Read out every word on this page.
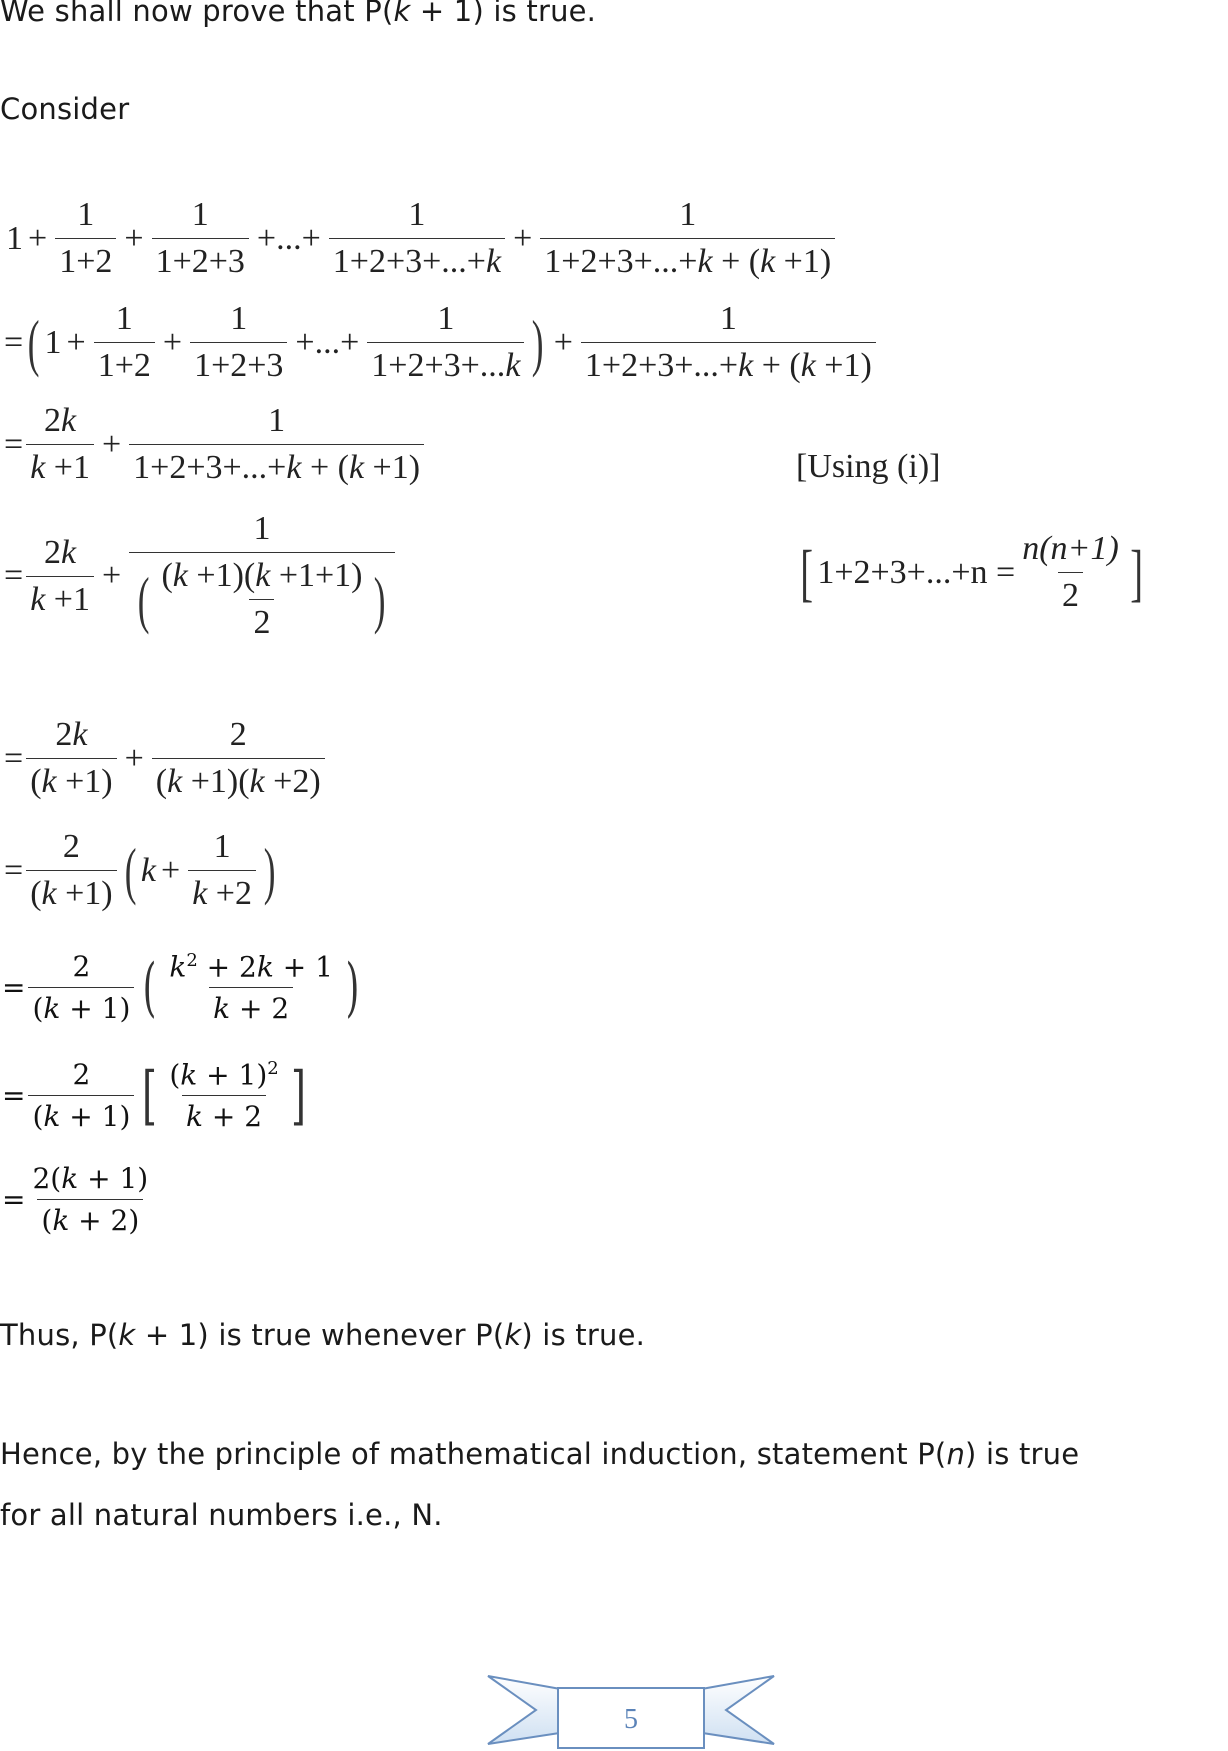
We shall now prove that P(k + 1) is true.
Consider
$1 + \frac{1}{1+2} + \frac{1}{1+2+3}$ +...+ $\frac{1}{1+2+3+...+k} + \frac{1}{1+2+3+...+k + (k +1)}$
= ( $1 + \frac{1}{1+2} + \frac{1}{1+2+3}$ +...+ $\frac{1}{1+2+3+...k}$ ) + $\frac{1}{1+2+3+...+k + (k +1)}$
= $\frac{2k}{k +1} + \frac{1}{1+2+3+...+k + (k +1)}$	[Using (i)]
= $\frac{2k}{k +1} + \frac{1}{( \frac{(k +1)(k +1+1)}{2} )}$	[ $1+2+3+...+n = \frac{n(n+1)}{2}$ ]
= $\frac{2k}{(k +1)} + \frac{2}{(k +1)(k +2)}$
= $\frac{2}{(k +1)}$ ( $k + \frac{1}{k +2}$ )
= $\frac{2}{(k + 1)}$ ( $\frac{k^2 + 2k + 1}{k + 2}$ )
= $\frac{2}{(k + 1)}$ [ $\frac{(k + 1)^2}{k + 2}$ ]
= $\frac{2(k + 1)}{(k + 2)}$
Thus, P(k + 1) is true whenever P(k) is true.
Hence, by the principle of mathematical induction, statement P(n) is true
for all natural numbers i.e., N.
5
